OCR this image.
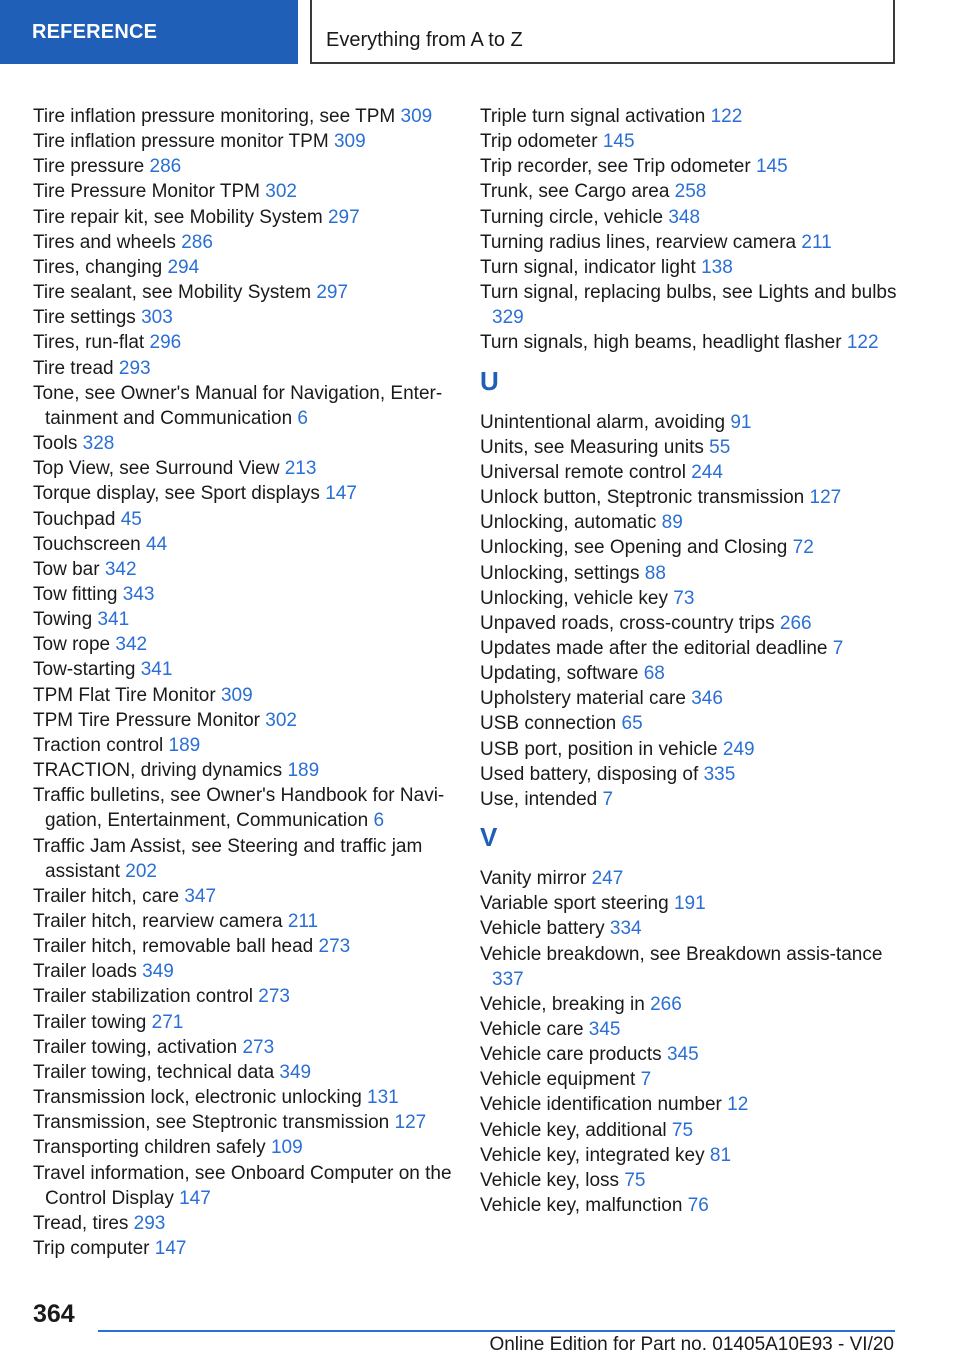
REFERENCE	Everything from A to Z
Tire inflation pressure monitoring, see TPM 309
Tire inflation pressure monitor TPM 309
Tire pressure 286
Tire Pressure Monitor TPM 302
Tire repair kit, see Mobility System 297
Tires and wheels 286
Tires, changing 294
Tire sealant, see Mobility System 297
Tire settings 303
Tires, run-flat 296
Tire tread 293
Tone, see Owner's Manual for Navigation, Enter‐tainment and Communication 6
Tools 328
Top View, see Surround View 213
Torque display, see Sport displays 147
Touchpad 45
Touchscreen 44
Tow bar 342
Tow fitting 343
Towing 341
Tow rope 342
Tow-starting 341
TPM Flat Tire Monitor 309
TPM Tire Pressure Monitor 302
Traction control 189
TRACTION, driving dynamics 189
Traffic bulletins, see Owner's Handbook for Navi‐gation, Entertainment, Communication 6
Traffic Jam Assist, see Steering and traffic jam assistant 202
Trailer hitch, care 347
Trailer hitch, rearview camera 211
Trailer hitch, removable ball head 273
Trailer loads 349
Trailer stabilization control 273
Trailer towing 271
Trailer towing, activation 273
Trailer towing, technical data 349
Transmission lock, electronic unlocking 131
Transmission, see Steptronic transmission 127
Transporting children safely 109
Travel information, see Onboard Computer on the Control Display 147
Tread, tires 293
Trip computer 147
Triple turn signal activation 122
Trip odometer 145
Trip recorder, see Trip odometer 145
Trunk, see Cargo area 258
Turning circle, vehicle 348
Turning radius lines, rearview camera 211
Turn signal, indicator light 138
Turn signal, replacing bulbs, see Lights and bulbs 329
Turn signals, high beams, headlight flasher 122
U
Unintentional alarm, avoiding 91
Units, see Measuring units 55
Universal remote control 244
Unlock button, Steptronic transmission 127
Unlocking, automatic 89
Unlocking, see Opening and Closing 72
Unlocking, settings 88
Unlocking, vehicle key 73
Unpaved roads, cross-country trips 266
Updates made after the editorial deadline 7
Updating, software 68
Upholstery material care 346
USB connection 65
USB port, position in vehicle 249
Used battery, disposing of 335
Use, intended 7
V
Vanity mirror 247
Variable sport steering 191
Vehicle battery 334
Vehicle breakdown, see Breakdown assis‐tance 337
Vehicle, breaking in 266
Vehicle care 345
Vehicle care products 345
Vehicle equipment 7
Vehicle identification number 12
Vehicle key, additional 75
Vehicle key, integrated key 81
Vehicle key, loss 75
Vehicle key, malfunction 76
364
Online Edition for Part no. 01405A10E93 - VI/20
